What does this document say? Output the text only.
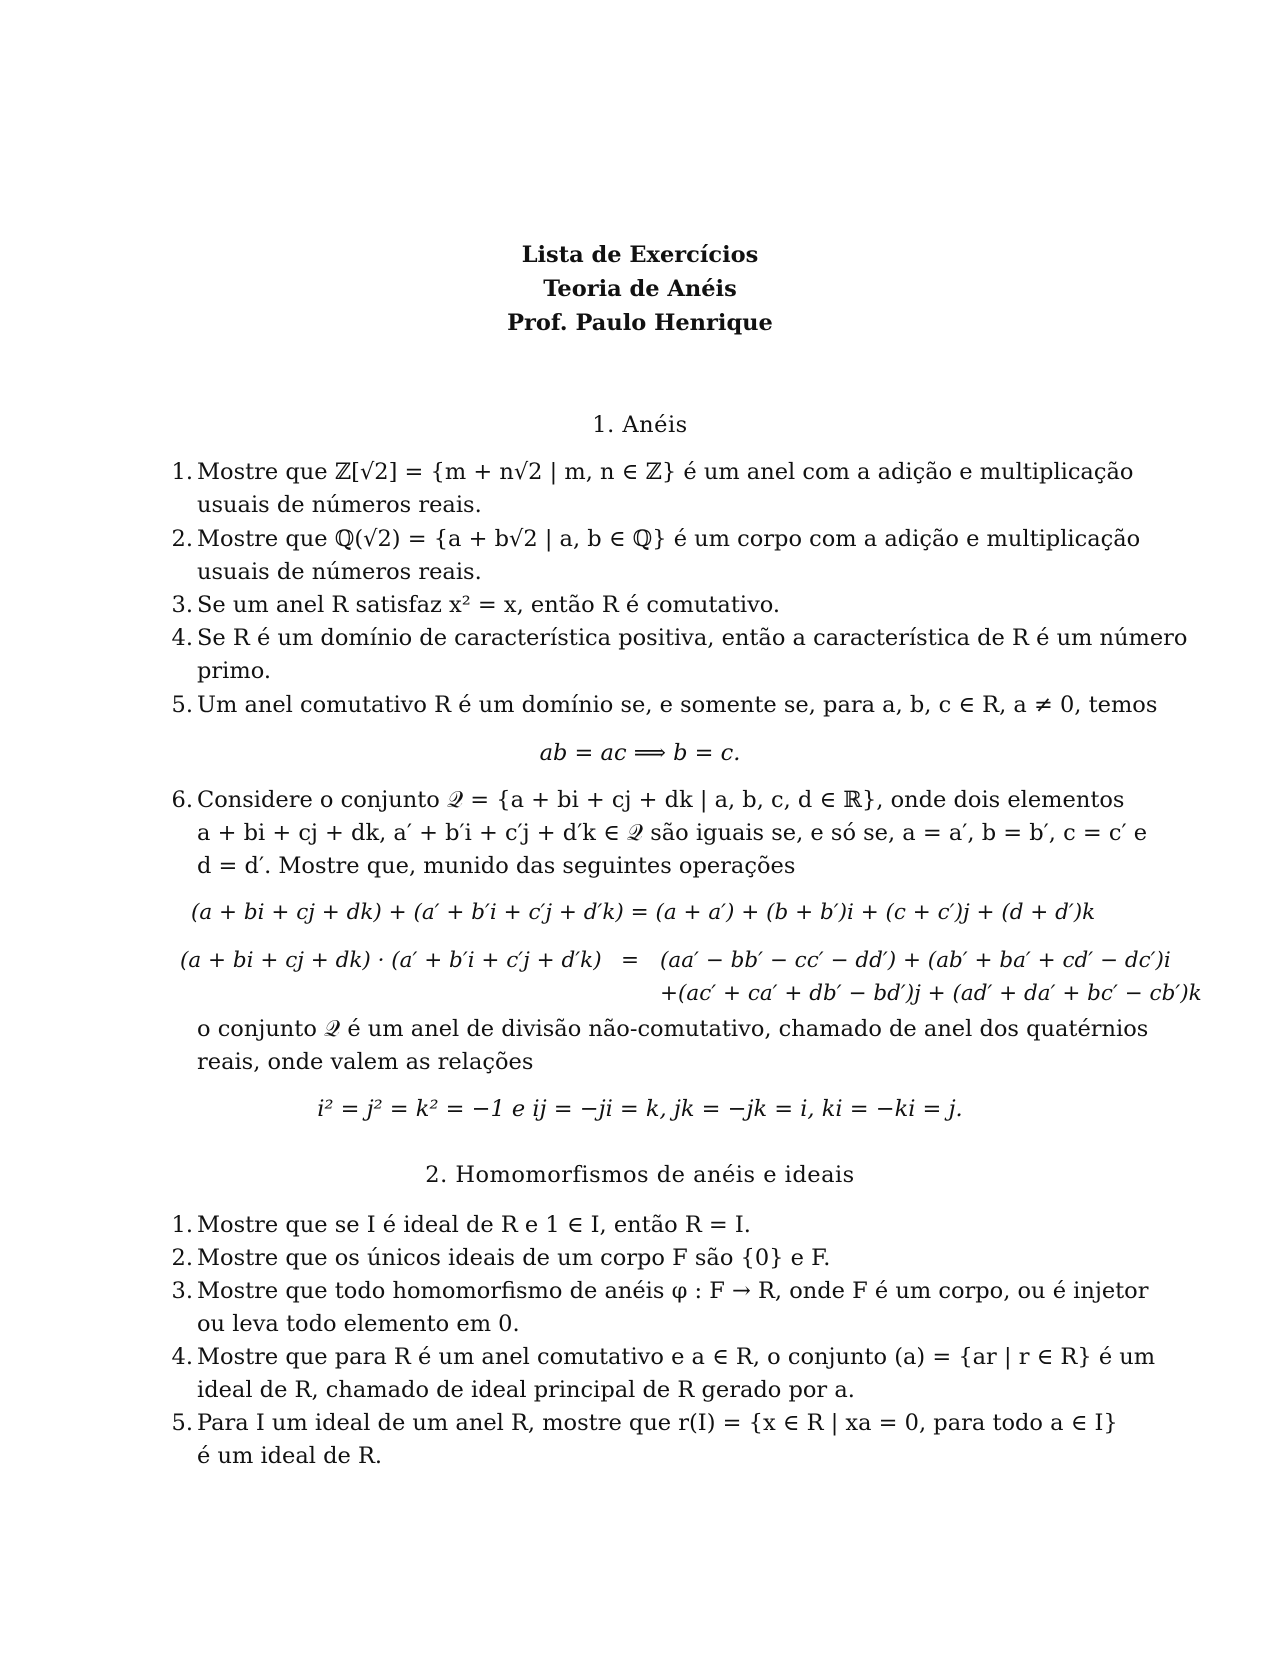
Lista de Exercícios
Teoria de Anéis
Prof. Paulo Henrique
1. Anéis
1. Mostre que ℤ[√2] = {m + n√2 | m, n ∈ ℤ} é um anel com a adição e multiplicação
usuais de números reais.
2. Mostre que ℚ(√2) = {a + b√2 | a, b ∈ ℚ} é um corpo com a adição e multiplicação
usuais de números reais.
3. Se um anel R satisfaz x² = x, então R é comutativo.
4. Se R é um domínio de característica positiva, então a característica de R é um número
primo.
5. Um anel comutativo R é um domínio se, e somente se, para a, b, c ∈ R, a ≠ 0, temos
ab = ac ⟹ b = c.
6. Considere o conjunto 𝒬 = {a + bi + cj + dk | a, b, c, d ∈ ℝ}, onde dois elementos
a + bi + cj + dk, a′ + b′i + c′j + d′k ∈ 𝒬 são iguais se, e só se, a = a′, b = b′, c = c′ e
d = d′. Mostre que, munido das seguintes operações
(a + bi + cj + dk) + (a′ + b′i + c′j + d′k) = (a + a′) + (b + b′)i + (c + c′)j + (d + d′)k
(a + bi + cj + dk) · (a′ + b′i + c′j + d′k) = (aa′ − bb′ − cc′ − dd′) + (ab′ + ba′ + cd′ − dc′)i
+(ac′ + ca′ + db′ − bd′)j + (ad′ + da′ + bc′ − cb′)k
o conjunto 𝒬 é um anel de divisão não-comutativo, chamado de anel dos quatérnios
reais, onde valem as relações
i² = j² = k² = −1 e ij = −ji = k, jk = −jk = i, ki = −ki = j.
2. Homomorfismos de anéis e ideais
1. Mostre que se I é ideal de R e 1 ∈ I, então R = I.
2. Mostre que os únicos ideais de um corpo F são {0} e F.
3. Mostre que todo homomorfismo de anéis φ : F → R, onde F é um corpo, ou é injetor
ou leva todo elemento em 0.
4. Mostre que para R é um anel comutativo e a ∈ R, o conjunto (a) = {ar | r ∈ R} é um
ideal de R, chamado de ideal principal de R gerado por a.
5. Para I um ideal de um anel R, mostre que r(I) = {x ∈ R | xa = 0, para todo a ∈ I}
é um ideal de R.
